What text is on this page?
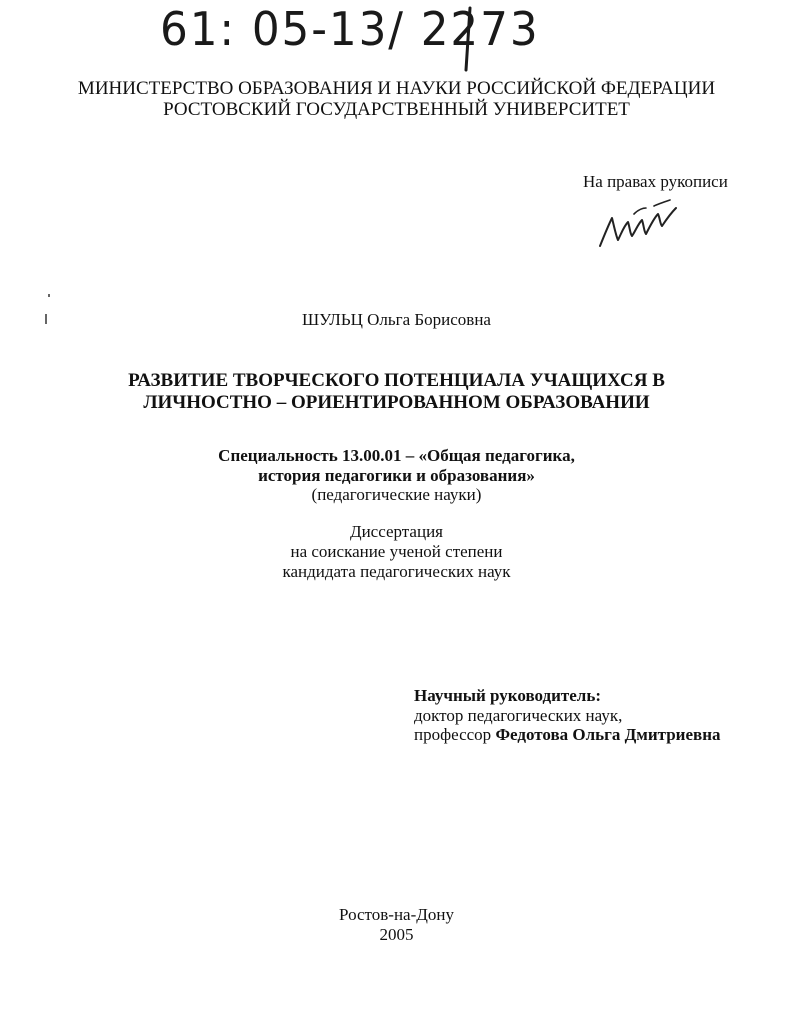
61: 05-13/ 2273
МИНИСТЕРСТВО ОБРАЗОВАНИЯ И НАУКИ РОССИЙСКОЙ ФЕДЕРАЦИИ
РОСТОВСКИЙ ГОСУДАРСТВЕННЫЙ УНИВЕРСИТЕТ
На правах рукописи
ШУЛЬЦ Ольга Борисовна
РАЗВИТИЕ ТВОРЧЕСКОГО ПОТЕНЦИАЛА УЧАЩИХСЯ В
ЛИЧНОСТНО – ОРИЕНТИРОВАННОМ ОБРАЗОВАНИИ
Специальность 13.00.01 – «Общая педагогика,
история педагогики и образования»
(педагогические науки)
Диссертация
на соискание ученой степени
кандидата педагогических наук
Научный руководитель:
доктор педагогических наук,
профессор Федотова Ольга Дмитриевна
Ростов-на-Дону
2005
